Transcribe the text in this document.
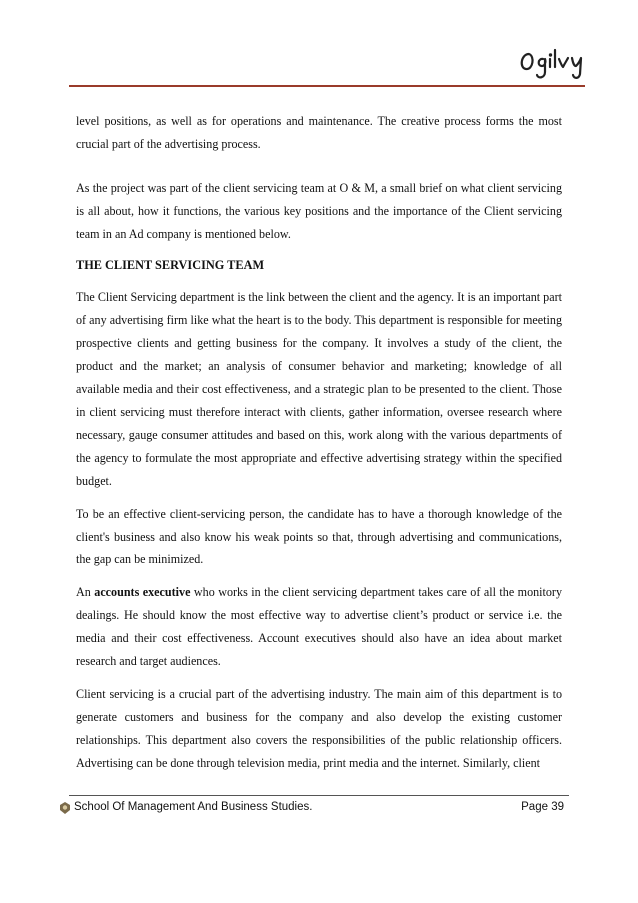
level positions, as well as for operations and maintenance. The creative process forms the most crucial part of the advertising process.

As the project was part of the client servicing team at O & M, a small brief on what client servicing is all about, how it functions, the various key positions and the importance of the Client servicing team in an Ad company is mentioned below.

THE CLIENT SERVICING TEAM

The Client Servicing department is the link between the client and the agency. It is an important part of any advertising firm like what the heart is to the body. This department is responsible for meeting prospective clients and getting business for the company. It involves a study of the client, the product and the market; an analysis of consumer behavior and marketing; knowledge of all available media and their cost effectiveness, and a strategic plan to be presented to the client. Those in client servicing must therefore interact with clients, gather information, oversee research where necessary, gauge consumer attitudes and based on this, work along with the various departments of the agency to formulate the most appropriate and effective advertising strategy within the specified budget.

To be an effective client-servicing person, the candidate has to have a thorough knowledge of the client's business and also know his weak points so that, through advertising and communications, the gap can be minimized.

An accounts executive who works in the client servicing department takes care of all the monitory dealings. He should know the most effective way to advertise client’s product or service i.e. the media and their cost effectiveness. Account executives should also have an idea about market research and target audiences.

Client servicing is a crucial part of the advertising industry. The main aim of this department is to generate customers and business for the company and also develop the existing customer relationships. This department also covers the responsibilities of the public relationship officers. Advertising can be done through television media, print media and the internet. Similarly, client

School Of Management And Business Studies.	Page 39
